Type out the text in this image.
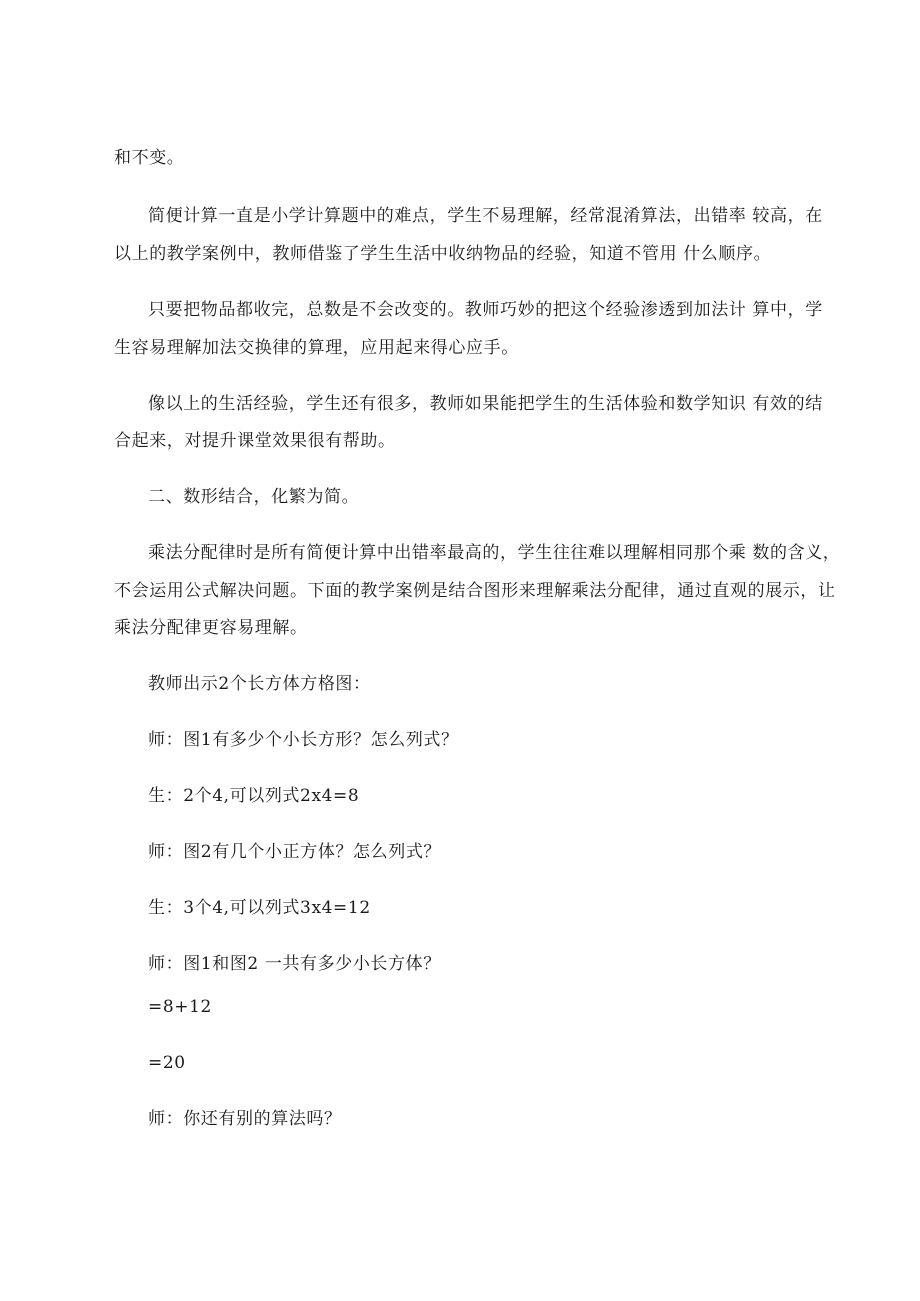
和不变。
简便计算一直是小学计算题中的难点，学生不易理解，经常混淆算法，出错率 较高，在
以上的教学案例中，教师借鉴了学生生活中收纳物品的经验，知道不管用 什么顺序。
只要把物品都收完，总数是不会改变的。教师巧妙的把这个经验渗透到加法计 算中，学
生容易理解加法交换律的算理，应用起来得心应手。
像以上的生活经验，学生还有很多，教师如果能把学生的生活体验和数学知识 有效的结
合起来，对提升课堂效果很有帮助。
二、数形结合，化繁为简。
乘法分配律时是所有简便计算中出错率最高的，学生往往难以理解相同那个乘 数的含义，
不会运用公式解决问题。下面的教学案例是结合图形来理解乘法分配律，通过直观的展示，让
乘法分配律更容易理解。
教师出示2个长方体方格图：
师：图1有多少个小长方形？怎么列式？
生：2个4,可以列式2x4=8
师：图2有几个小正方体？怎么列式？
生：3个4,可以列式3x4=12
师：图1和图2 一共有多少小长方体？
=8+12
=20
师：你还有别的算法吗？
